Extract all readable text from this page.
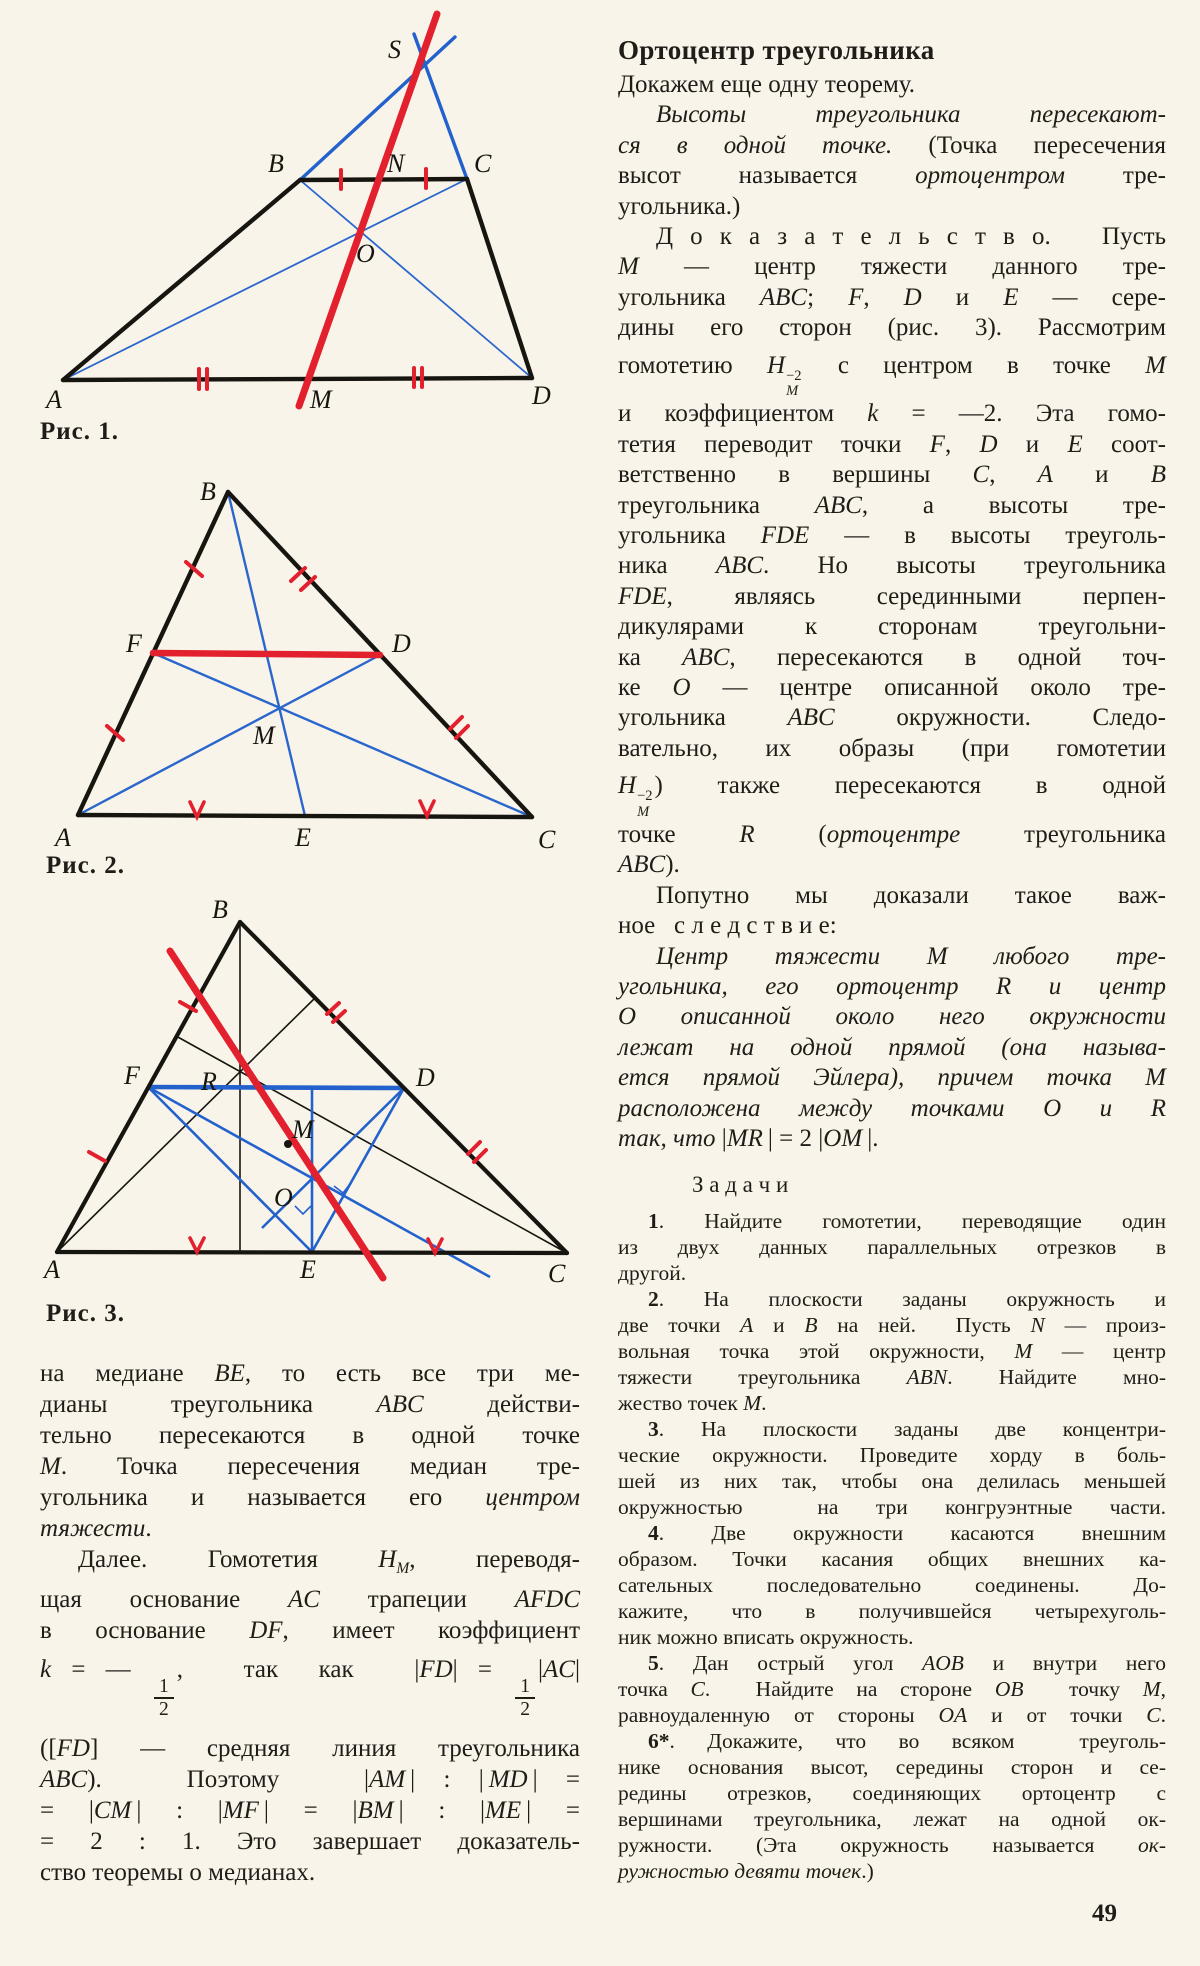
S
B	N	C
O
A	M	D
Рис. 1.
B
F	D
M
A	E	C
Рис. 2.
B
F R	D
M
O
A	E	C
Рис. 3.
на медиане BE, то есть все три ме-
дианы треугольника ABC действи-
тельно пересекаются в одной точке
M. Точка пересечения медиан тре-
угольника и называется его центром
тяжести.
Далее. Гомотетия $H_M$, переводя-
щая основание AC трапеции AFDC
в основание DF, имеет коэффициент
k = —
$\frac{1}{2}$
,   так  как   |FD| =
$\frac{1}{2}$
|AC|
([FD] — средняя линия треугольника
ABC).   Поэтому   |AM | : | MD | =
= |CM | : |MF | = |BM | : |ME | =
= 2 : 1. Это завершает доказатель-
ство теоремы о медианах.
Ортоцентр треугольника
Докажем еще одну теорему.
Высоты треугольника пересекают-
ся в одной точке. (Точка пересечения
высот называется ортоцентром тре-
угольника.)
Д о к а з а т е л ь с т в о.   Пусть
M — центр тяжести данного тре-
угольника ABC; F, D и E — сере-
дины его сторон (рис. 3). Рассмотрим
гомотетию H −2
M
с центром в точке M
и коэффициентом k = —2. Эта гомо-
тетия переводит точки F, D и E соот-
ветственно в вершины C, A и B
треугольника ABC, а высоты тре-
угольника FDE — в высоты треуголь-
ника ABC. Но высоты треугольника
FDE, являясь серединными перпен-
дикулярами к сторонам треугольни-
ка ABC, пересекаются в одной точ-
ке O — центре описанной около тре-
угольника ABC окружности. Следо-
вательно, их образы (при гомотетии
H −2
M
) также пересекаются в одной
точке R (ортоцентре треугольника
ABC).
Попутно мы доказали такое важ-
ное   с л е д с т в и е:
Центр тяжести M любого тре-
угольника, его ортоцентр R и центр
O описанной около него окружности
лежат на одной прямой (она называ-
ется прямой Эйлера), причем точка M
расположена между точками O и R
так, что |MR | = 2 |OM |.
З а д а ч и
1. Найдите гомотетии, переводящие один
из двух данных параллельных отрезков в
другой.
2. На плоскости заданы окружность и
две точки A и B на ней.  Пусть N — произ-
вольная точка этой окружности, M — центр
тяжести треугольника ABN. Найдите мно-
жество точек M.
3. На плоскости заданы две концентри-
ческие окружности. Проведите хорду в боль-
шей из них так, чтобы она делилась меньшей
окружностью  на три конгруэнтные части.
4. Две окружности касаются внешним
образом. Точки касания общих внешних ка-
сательных последовательно соединены. До-
кажите, что в получившейся четырехуголь-
ник можно вписать окружность.
5. Дан острый угол AOB и внутри него
точка C.  Найдите на стороне OB  точку M,
равноудаленную от стороны OA и от точки C.
6*. Докажите, что во всяком  треуголь-
нике основания высот, середины сторон и се-
редины отрезков, соединяющих ортоцентр с
вершинами треугольника, лежат на одной ок-
ружности. (Эта окружность называется ок-
ружностью девяти точек.)
49
